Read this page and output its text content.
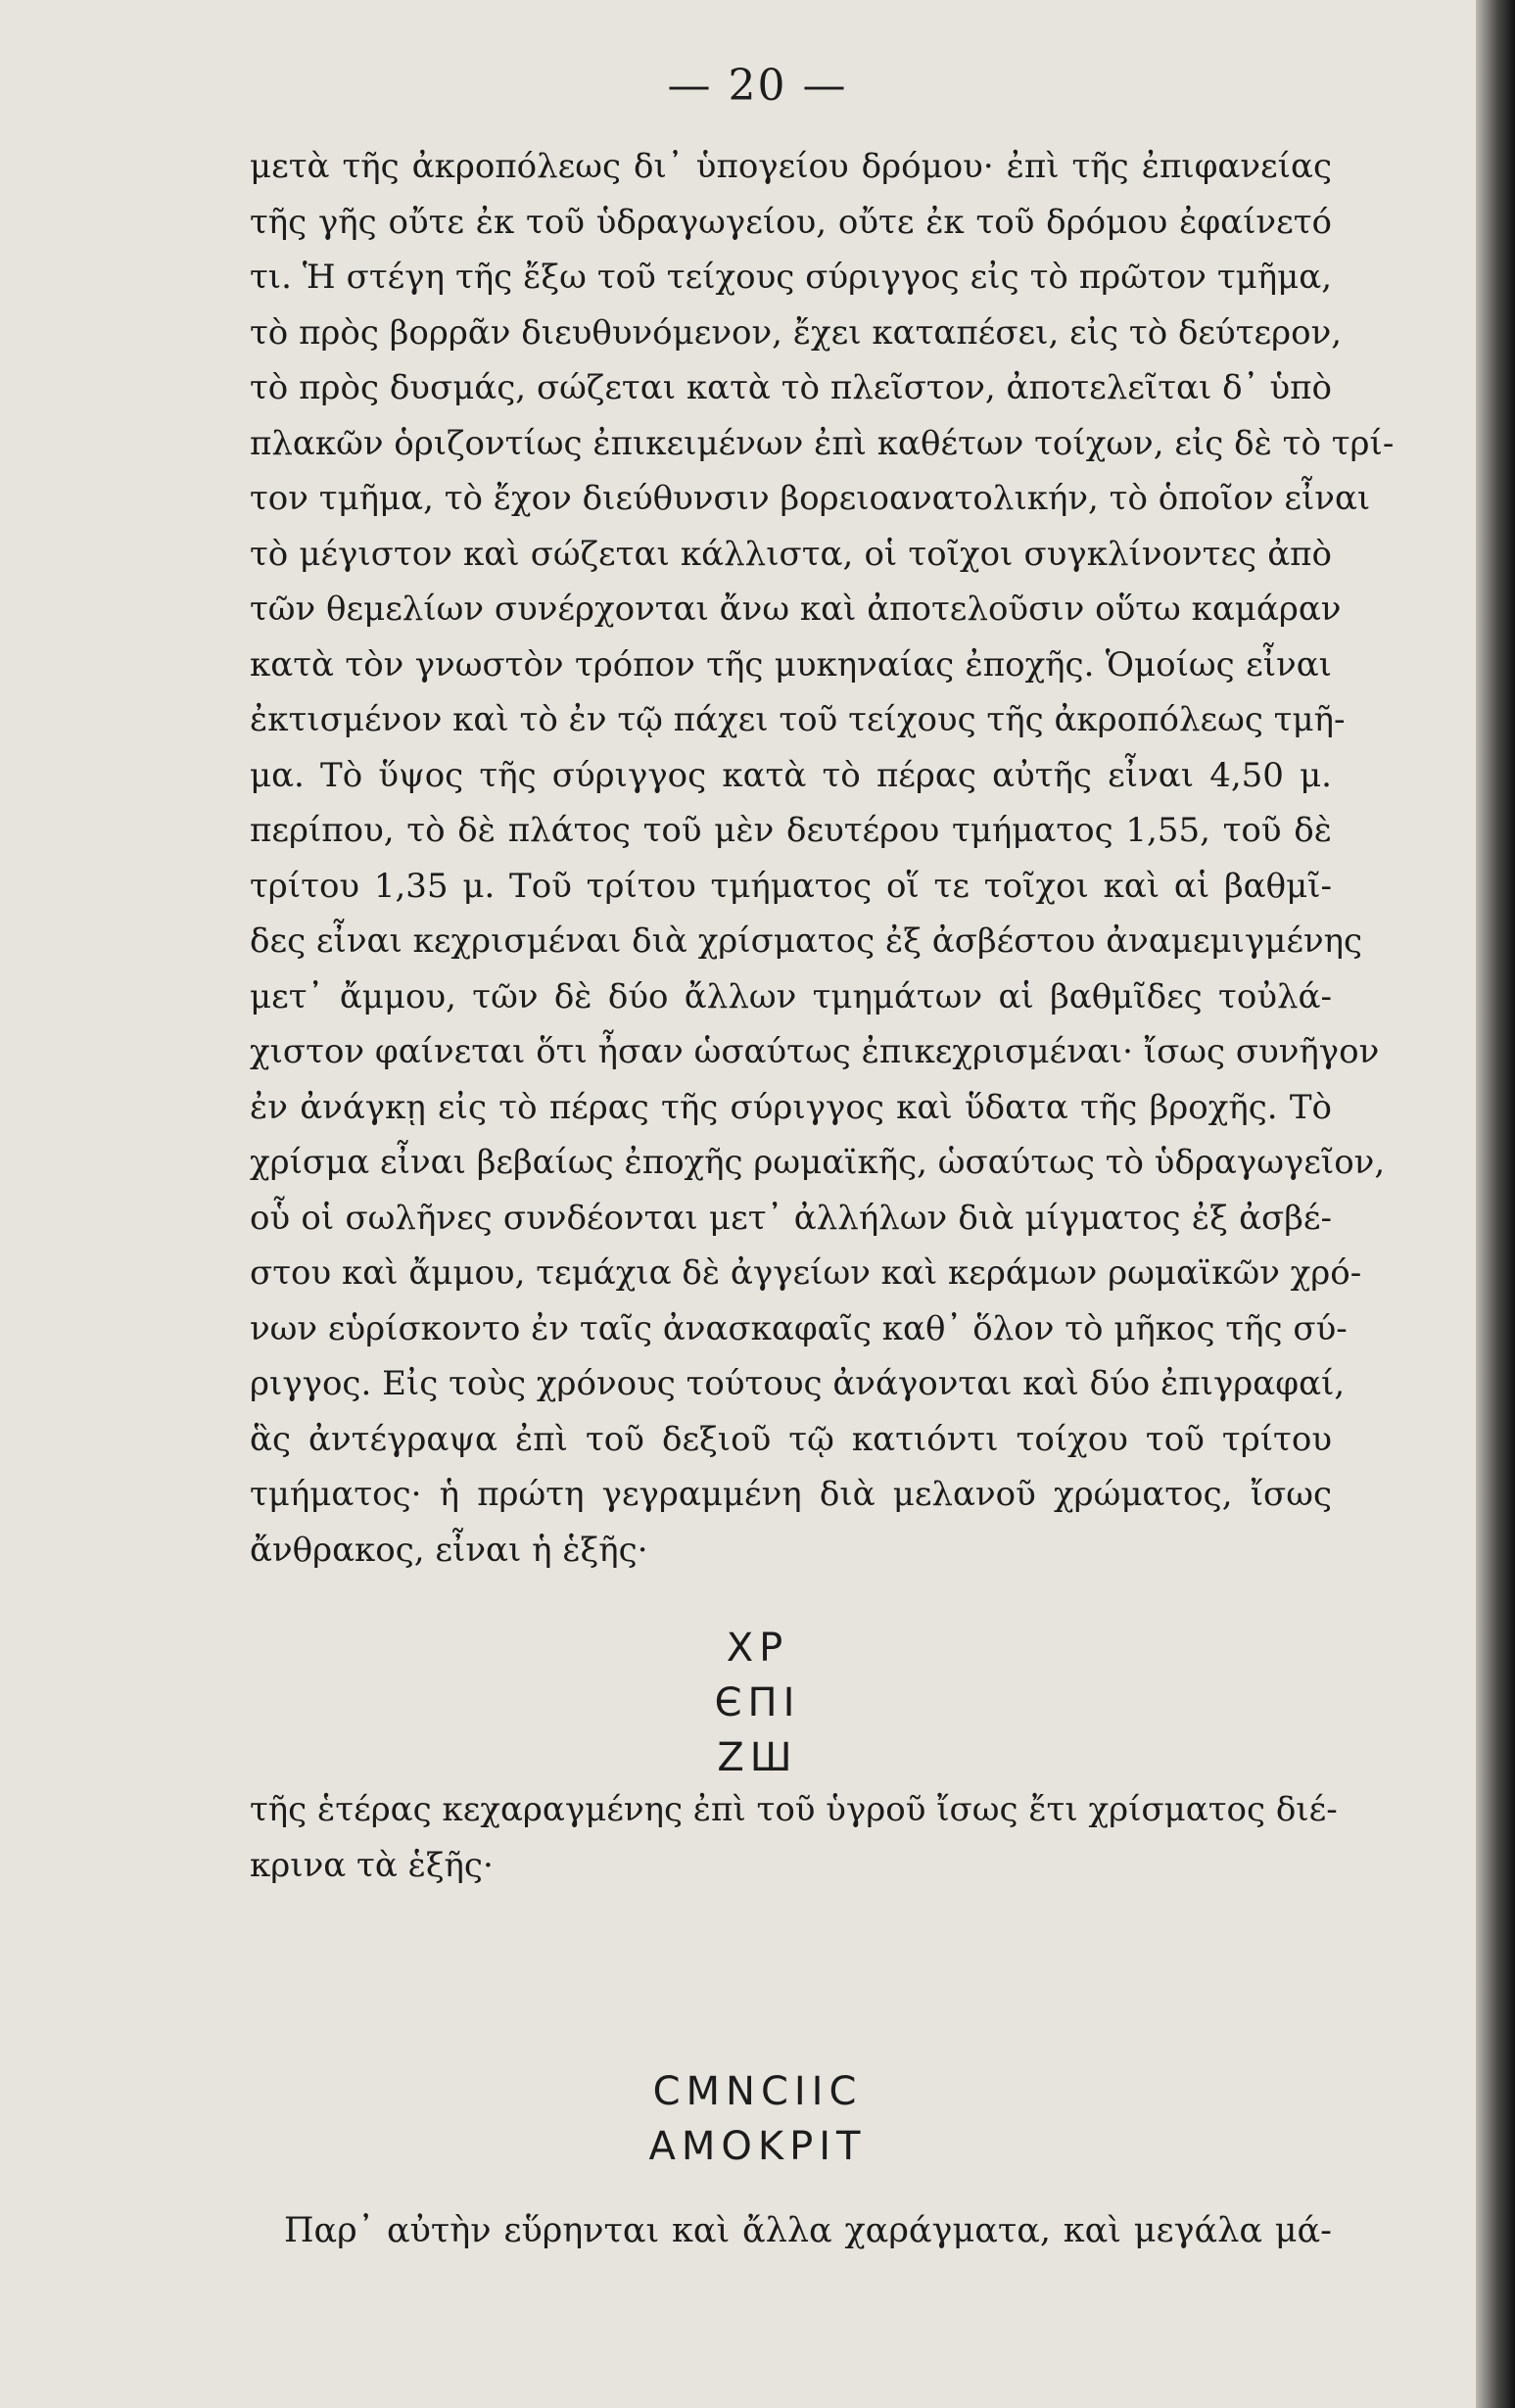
— 20 —
μετὰ τῆς ἀκροπόλεως δι᾽ ὑπογείου δρόμου· ἐπὶ τῆς ἐπιφανείας
τῆς γῆς οὔτε ἐκ τοῦ ὑδραγωγείου, οὔτε ἐκ τοῦ δρόμου ἐφαίνετό
τι. Ἡ στέγη τῆς ἔξω τοῦ τείχους σύριγγος εἰς τὸ πρῶτον τμῆμα,
τὸ πρὸς βορρᾶν διευθυνόμενον, ἔχει καταπέσει, εἰς τὸ δεύτερον,
τὸ πρὸς δυσμάς, σώζεται κατὰ τὸ πλεῖστον, ἀποτελεῖται δ᾽ ὑπὸ
πλακῶν ὁριζοντίως ἐπικειμένων ἐπὶ καθέτων τοίχων, εἰς δὲ τὸ τρί-
τον τμῆμα, τὸ ἔχον διεύθυνσιν βορειοανατολικήν, τὸ ὁποῖον εἶναι
τὸ μέγιστον καὶ σώζεται κάλλιστα, οἱ τοῖχοι συγκλίνοντες ἀπὸ
τῶν θεμελίων συνέρχονται ἄνω καὶ ἀποτελοῦσιν οὕτω καμάραν
κατὰ τὸν γνωστὸν τρόπον τῆς μυκηναίας ἐποχῆς. Ὁμοίως εἶναι
ἐκτισμένον καὶ τὸ ἐν τῷ πάχει τοῦ τείχους τῆς ἀκροπόλεως τμῆ-
μα. Τὸ ὕψος τῆς σύριγγος κατὰ τὸ πέρας αὐτῆς εἶναι 4,50 μ.
περίπου, τὸ δὲ πλάτος τοῦ μὲν δευτέρου τμήματος 1,55, τοῦ δὲ
τρίτου 1,35 μ. Τοῦ τρίτου τμήματος οἵ τε τοῖχοι καὶ αἱ βαθμῖ-
δες εἶναι κεχρισμέναι διὰ χρίσματος ἐξ ἀσβέστου ἀναμεμιγμένης
μετ᾽ ἄμμου, τῶν δὲ δύο ἄλλων τμημάτων αἱ βαθμῖδες τοὐλά-
χιστον φαίνεται ὅτι ἦσαν ὡσαύτως ἐπικεχρισμέναι· ἴσως συνῆγον
ἐν ἀνάγκῃ εἰς τὸ πέρας τῆς σύριγγος καὶ ὕδατα τῆς βροχῆς. Τὸ
χρίσμα εἶναι βεβαίως ἐποχῆς ρωμαϊκῆς, ὡσαύτως τὸ ὑδραγωγεῖον,
οὗ οἱ σωλῆνες συνδέονται μετ᾽ ἀλλήλων διὰ μίγματος ἐξ ἀσβέ-
στου καὶ ἄμμου, τεμάχια δὲ ἀγγείων καὶ κεράμων ρωμαϊκῶν χρό-
νων εὑρίσκοντο ἐν ταῖς ἀνασκαφαῖς καθ᾽ ὅλον τὸ μῆκος τῆς σύ-
ριγγος. Εἰς τοὺς χρόνους τούτους ἀνάγονται καὶ δύο ἐπιγραφαί,
ἃς ἀντέγραψα ἐπὶ τοῦ δεξιοῦ τῷ κατιόντι τοίχου τοῦ τρίτου
τμήματος· ἡ πρώτη γεγραμμένη διὰ μελανοῦ χρώματος, ἴσως
ἄνθρακος, εἶναι ἡ ἑξῆς·
ΧΡ
ЄΠΙ
ΖШ
τῆς ἑτέρας κεχαραγμένης ἐπὶ τοῦ ὑγροῦ ἴσως ἔτι χρίσματος διέ-
κρινα τὰ ἑξῆς·
CΜΝCΙΙC
ΑΜΟΚΡΙΤ
Παρ᾽ αὐτὴν εὕρηνται καὶ ἄλλα χαράγματα, καὶ μεγάλα μά-
